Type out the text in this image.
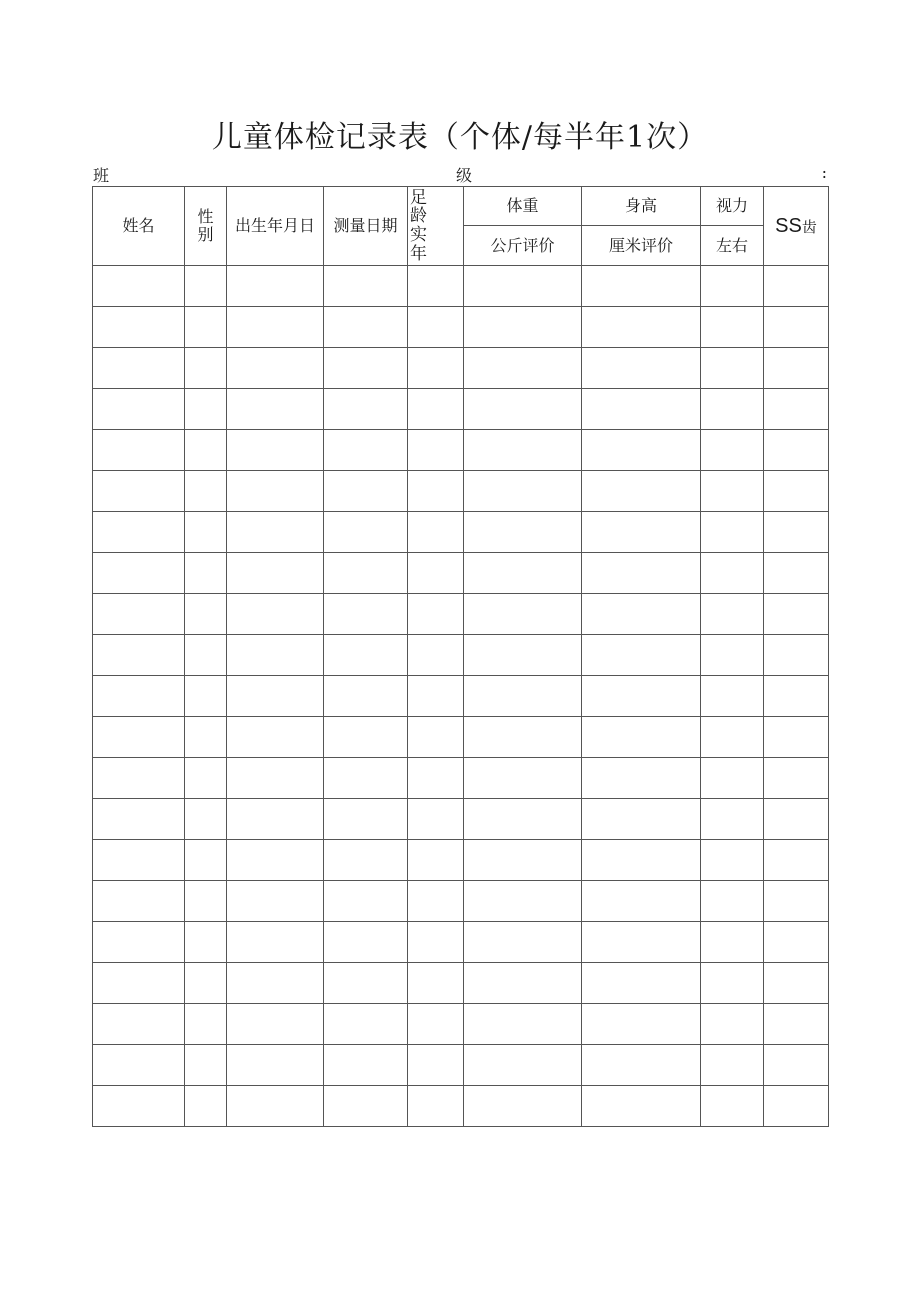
儿童体检记录表（个体/每半年1次）
班	级	:
姓名	性别	出生年月日	测量日期	足龄实年	体重	身高	视力	SS齿
					公斤评价	厘米评价	左右	
